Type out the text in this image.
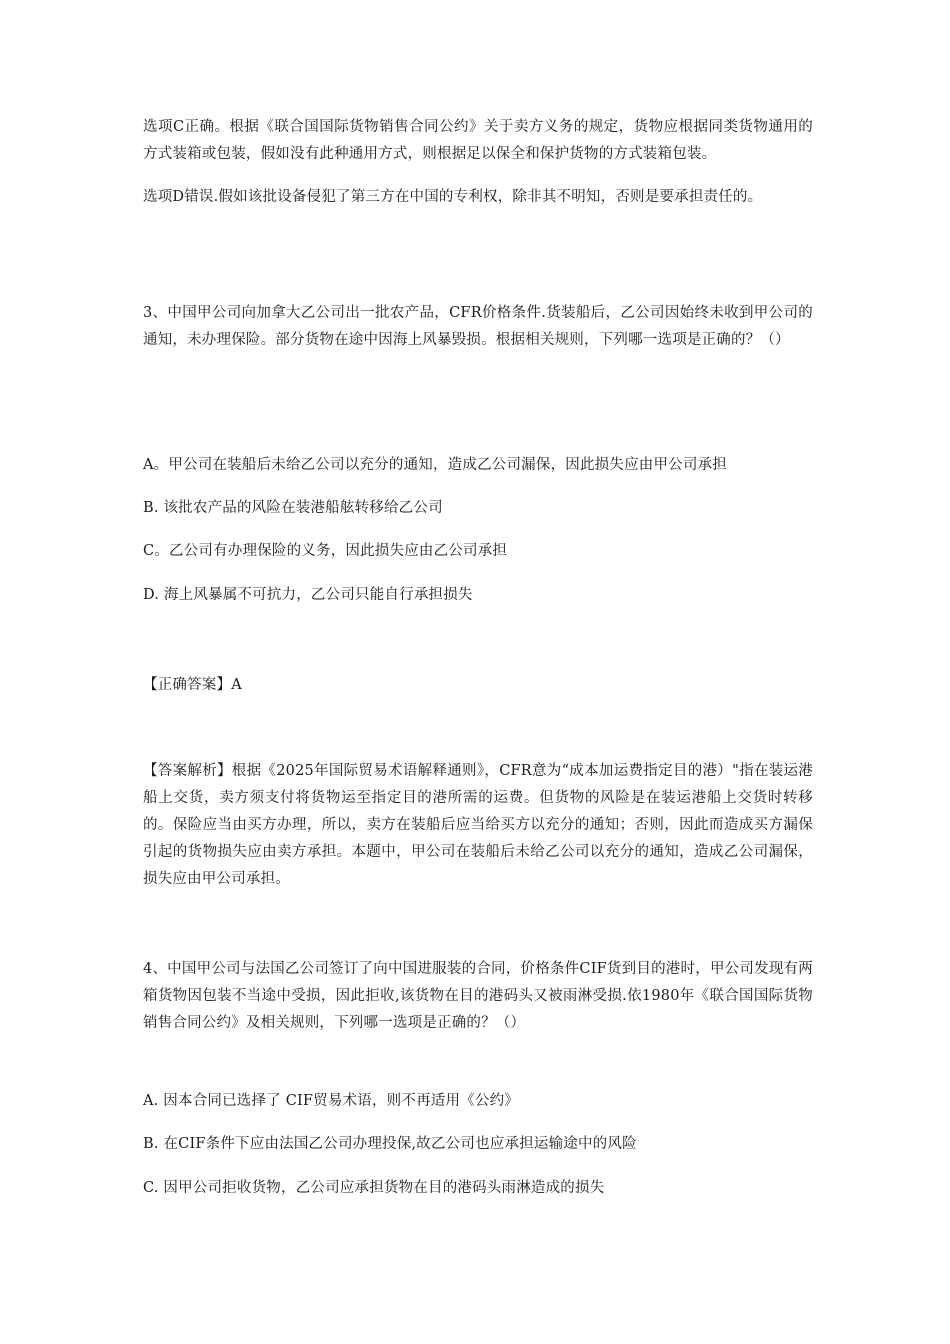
选项C正确。根据《联合国国际货物销售合同公约》关于卖方义务的规定，货物应根据同类货物通用的方式装箱或包装，假如没有此种通用方式，则根据足以保全和保护货物的方式装箱包装。

选项D错误.假如该批设备侵犯了第三方在中国的专利权，除非其不明知，否则是要承担责任的。

3、中国甲公司向加拿大乙公司出一批农产品，CFR价格条件.货装船后，乙公司因始终未收到甲公司的通知，未办理保险。部分货物在途中因海上风暴毁损。根据相关规则，下列哪一选项是正确的？（）

A。甲公司在装船后未给乙公司以充分的通知，造成乙公司漏保，因此损失应由甲公司承担

B. 该批农产品的风险在装港船舷转移给乙公司

C。乙公司有办理保险的义务，因此损失应由乙公司承担

D. 海上风暴属不可抗力，乙公司只能自行承担损失

【正确答案】A

【答案解析】根据《2025年国际贸易术语解释通则》，CFR意为“成本加运费指定目的港）"指在装运港船上交货，卖方须支付将货物运至指定目的港所需的运费。但货物的风险是在装运港船上交货时转移的。保险应当由买方办理，所以，卖方在装船后应当给买方以充分的通知；否则，因此而造成买方漏保引起的货物损失应由卖方承担。本题中，甲公司在装船后未给乙公司以充分的通知，造成乙公司漏保，损失应由甲公司承担。

4、中国甲公司与法国乙公司签订了向中国进服装的合同，价格条件CIF货到目的港时，甲公司发现有两箱货物因包装不当途中受损，因此拒收,该货物在目的港码头又被雨淋受损.依1980年《联合国国际货物销售合同公约》及相关规则，下列哪一选项是正确的？（）

A. 因本合同已选择了 CIF贸易术语，则不再适用《公约》

B. 在CIF条件下应由法国乙公司办理投保,故乙公司也应承担运输途中的风险

C. 因甲公司拒收货物，乙公司应承担货物在目的港码头雨淋造成的损失
